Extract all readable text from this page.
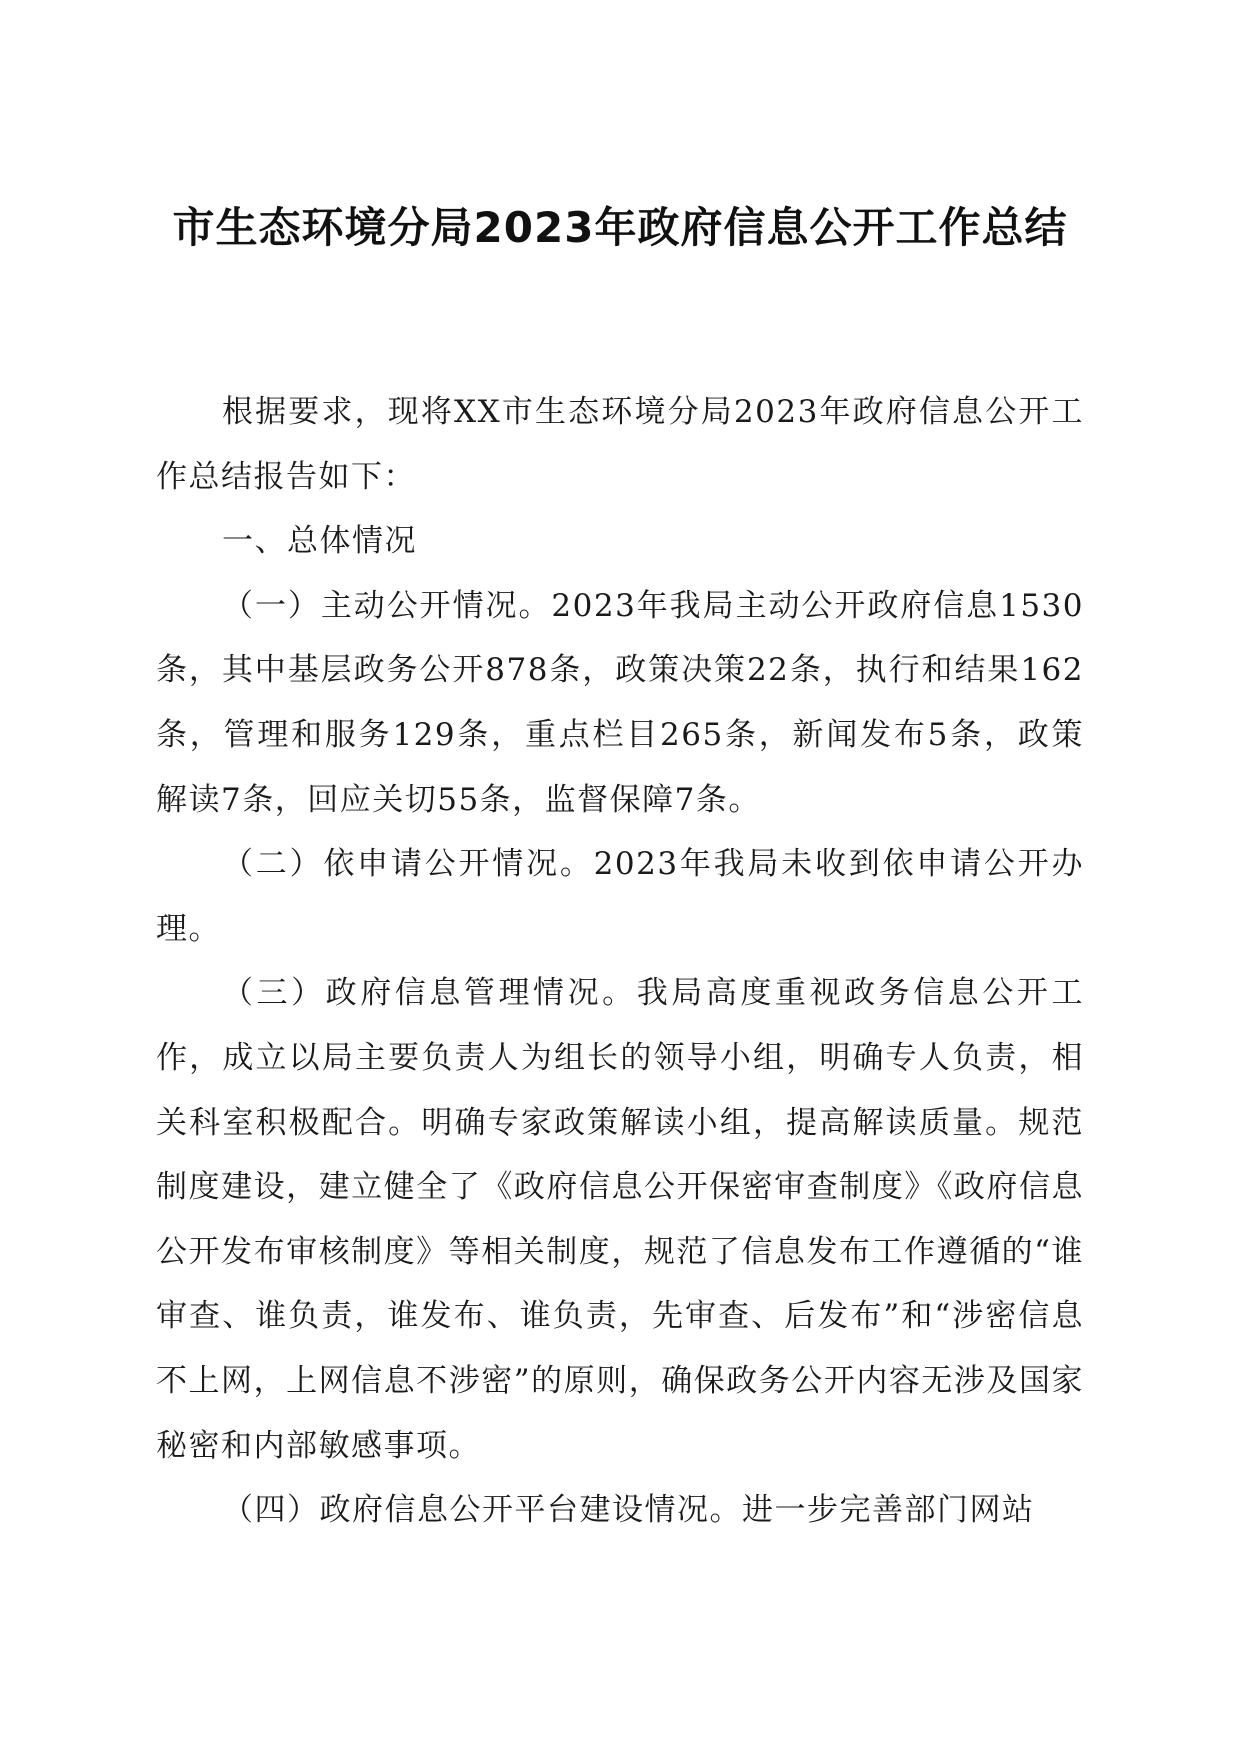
市生态环境分局2023年政府信息公开工作总结

根据要求，现将XX市生态环境分局2023年政府信息公开工作总结报告如下：

一、总体情况

（一）主动公开情况。2023年我局主动公开政府信息1530条，其中基层政务公开878条，政策决策22条，执行和结果162条，管理和服务129条，重点栏目265条，新闻发布5条，政策解读7条，回应关切55条，监督保障7条。

（二）依申请公开情况。2023年我局未收到依申请公开办理。

（三）政府信息管理情况。我局高度重视政务信息公开工作，成立以局主要负责人为组长的领导小组，明确专人负责，相关科室积极配合。明确专家政策解读小组，提高解读质量。规范制度建设，建立健全了《政府信息公开保密审查制度》《政府信息公开发布审核制度》等相关制度，规范了信息发布工作遵循的“谁审查、谁负责，谁发布、谁负责，先审查、后发布”和“涉密信息不上网，上网信息不涉密”的原则，确保政务公开内容无涉及国家秘密和内部敏感事项。

（四）政府信息公开平台建设情况。进一步完善部门网站
